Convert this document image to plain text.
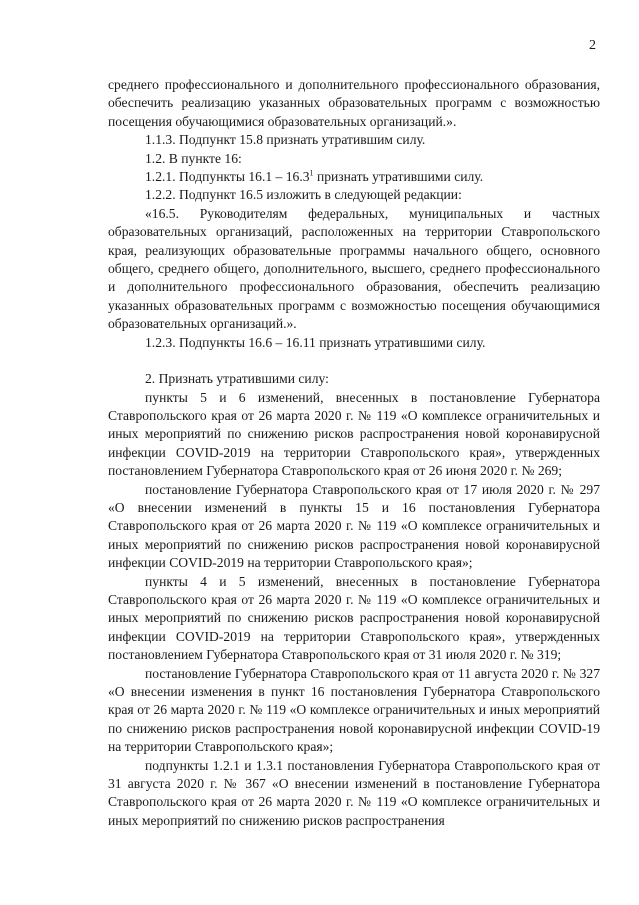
2

среднего профессионального и дополнительного профессионального образования, обеспечить реализацию указанных образовательных программ с возможностью посещения обучающимися образовательных организаций.».

1.1.3. Подпункт 15.8 признать утратившим силу.

1.2. В пункте 16:

1.2.1. Подпункты 16.1 – 16.3$^1$ признать утратившими силу.

1.2.2. Подпункт 16.5 изложить в следующей редакции:

«16.5. Руководителям федеральных, муниципальных и частных образовательных организаций, расположенных на территории Ставропольского края, реализующих образовательные программы начального общего, основного общего, среднего общего, дополнительного, высшего, среднего профессионального и дополнительного профессионального образования, обеспечить реализацию указанных образовательных программ с возможностью посещения обучающимися образовательных организаций.».

1.2.3. Подпункты 16.6 – 16.11 признать утратившими силу.

2. Признать утратившими силу:

пункты 5 и 6 изменений, внесенных в постановление Губернатора Ставропольского края от 26 марта 2020 г. № 119 «О комплексе ограничительных и иных мероприятий по снижению рисков распространения новой коронавирусной инфекции COVID-2019 на территории Ставропольского края», утвержденных постановлением Губернатора Ставропольского края от 26 июня 2020 г. № 269;

постановление Губернатора Ставропольского края от 17 июля 2020 г. № 297 «О внесении изменений в пункты 15 и 16 постановления Губернатора Ставропольского края от 26 марта 2020 г. № 119 «О комплексе ограничительных и иных мероприятий по снижению рисков распространения новой коронавирусной инфекции COVID-2019 на территории Ставропольского края»;

пункты 4 и 5 изменений, внесенных в постановление Губернатора Ставропольского края от 26 марта 2020 г. № 119 «О комплексе ограничительных и иных мероприятий по снижению рисков распространения новой коронавирусной инфекции COVID-2019 на территории Ставропольского края», утвержденных постановлением Губернатора Ставропольского края от 31 июля 2020 г. № 319;

постановление Губернатора Ставропольского края от 11 августа 2020 г. № 327 «О внесении изменения в пункт 16 постановления Губернатора Ставропольского края от 26 марта 2020 г. № 119 «О комплексе ограничительных и иных мероприятий по снижению рисков распространения новой коронавирусной инфекции COVID-19 на территории Ставропольского края»;

подпункты 1.2.1 и 1.3.1 постановления Губернатора Ставропольского края от 31 августа 2020 г. № 367 «О внесении изменений в постановление Губернатора Ставропольского края от 26 марта 2020 г. № 119 «О комплексе ограничительных и иных мероприятий по снижению рисков распространения
